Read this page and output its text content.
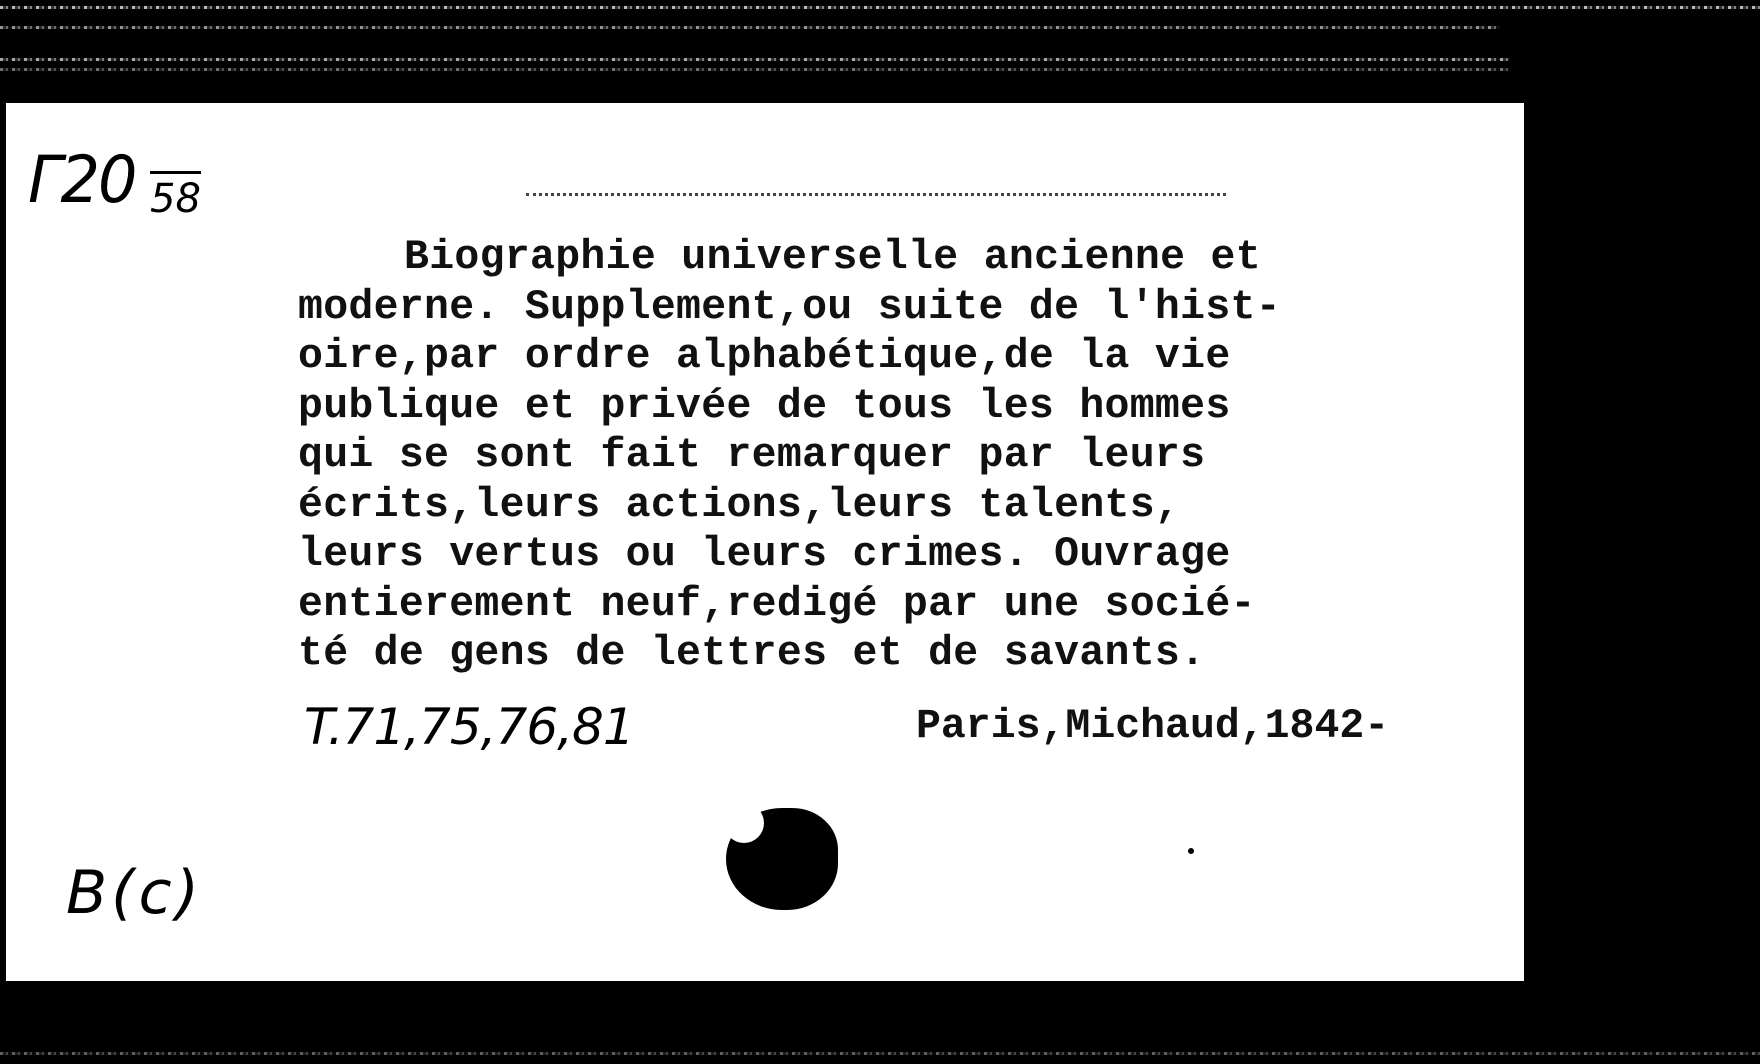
Г20 58
Biographie universelle ancienne et
moderne. Supplement,ou suite de l'hist-
oire,par ordre alphabétique,de la vie
publique et privée de tous les hommes
qui se sont fait remarquer par leurs
écrits,leurs actions,leurs talents,
leurs vertus ou leurs crimes. Ouvrage
entierement neuf,redigé par une socié-
té de gens de lettres et de savants.
T.71,75,76,81	Paris,Michaud,1842-
B(c)
